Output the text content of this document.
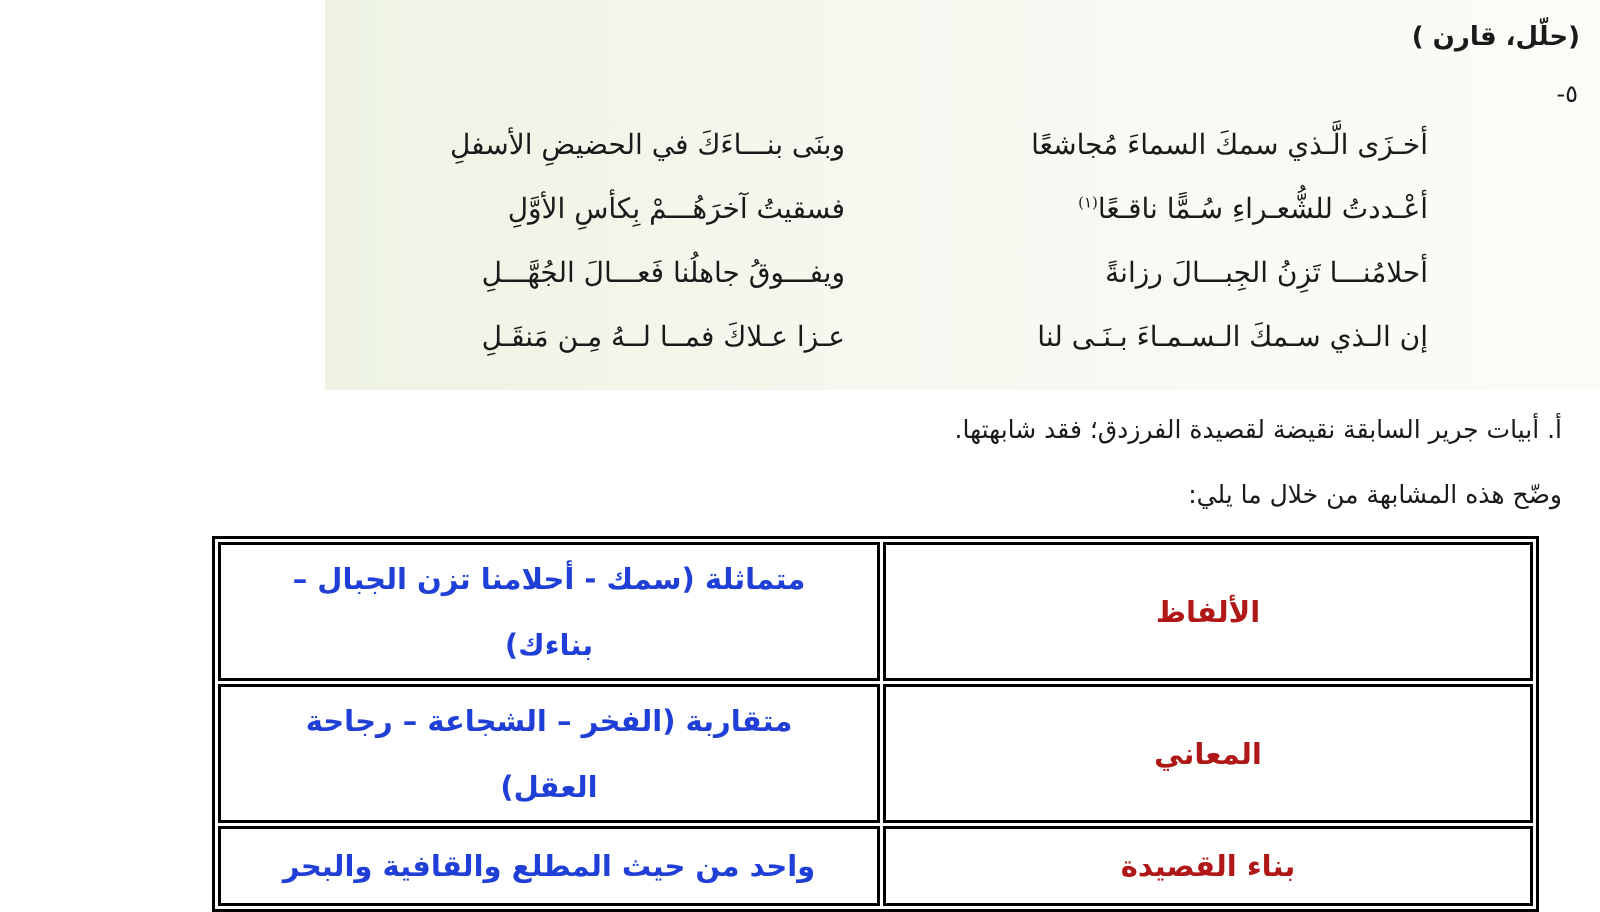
(حلّل، قارن )

٥-

أخـزَى الَّـذي سمكَ السماءَ مُجاشعًا
وبنَى بنـــاءَكَ في الحضيضِ الأسفلِ
أعْـددتُ للشُّعـراءِ سُـمًّا ناقـعًا$^{(١)}$
فسقيتُ آخرَهُـــمْ بِكأسِ الأوَّلِ
أحلامُنـــا تَزِنُ الجِبـــالَ رزانةً
ويفـــوقُ جاهلُنا فَعـــالَ الجُهَّـــلِ
إن الـذي سـمكَ الـسـمـاءَ بـنَـى لنا
عـزا عـلاكَ فمــا لــهُ مِـن مَنقَـلِ

أ. أبيات جرير السابقة نقيضة لقصيدة الفرزدق؛ فقد شابهتها.

وضّح هذه المشابهة من خلال ما يلي:

الألفاظ	متماثلة (سمك - أحلامنا تزن الجبال –
بناءك)

المعاني	متقاربة (الفخر – الشجاعة – رجاحة
العقل)

بناء القصيدة	واحد من حيث المطلع والقافية والبحر
